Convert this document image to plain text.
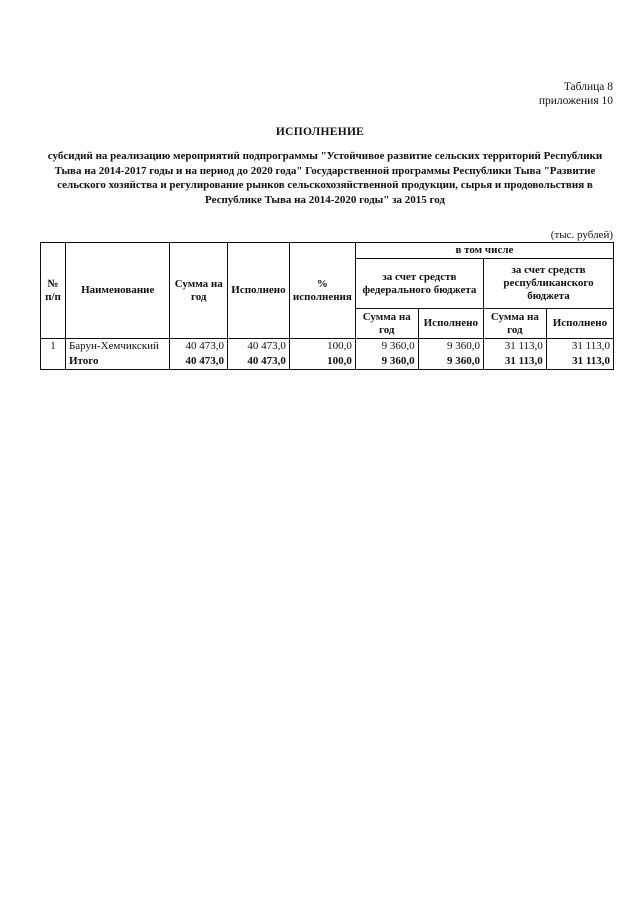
Таблица 8
приложения 10
ИСПОЛНЕНИЕ
субсидий на реализацию мероприятий подпрограммы "Устойчивое развитие сельских территорий Республики Тыва на 2014-2017 годы и на период до 2020 года" Государственной программы Республики Тыва "Развитие сельского хозяйства и регулирование рынков сельскохозяйственной продукции, сырья и продовольствия в Республике Тыва на 2014-2020 годы" за 2015 год
(тыс. рублей)
№ п/п	Наименование	Сумма на год	Исполнено	% исполнения	в том числе			
					за счет средств федерального бюджета		за счет средств республиканского бюджета	
					Сумма на год	Исполнено	Сумма на год	Исполнено
1	Барун-Хемчикский	40 473,0	40 473,0	100,0	9 360,0	9 360,0	31 113,0	31 113,0
	Итого	40 473,0	40 473,0	100,0	9 360,0	9 360,0	31 113,0	31 113,0
